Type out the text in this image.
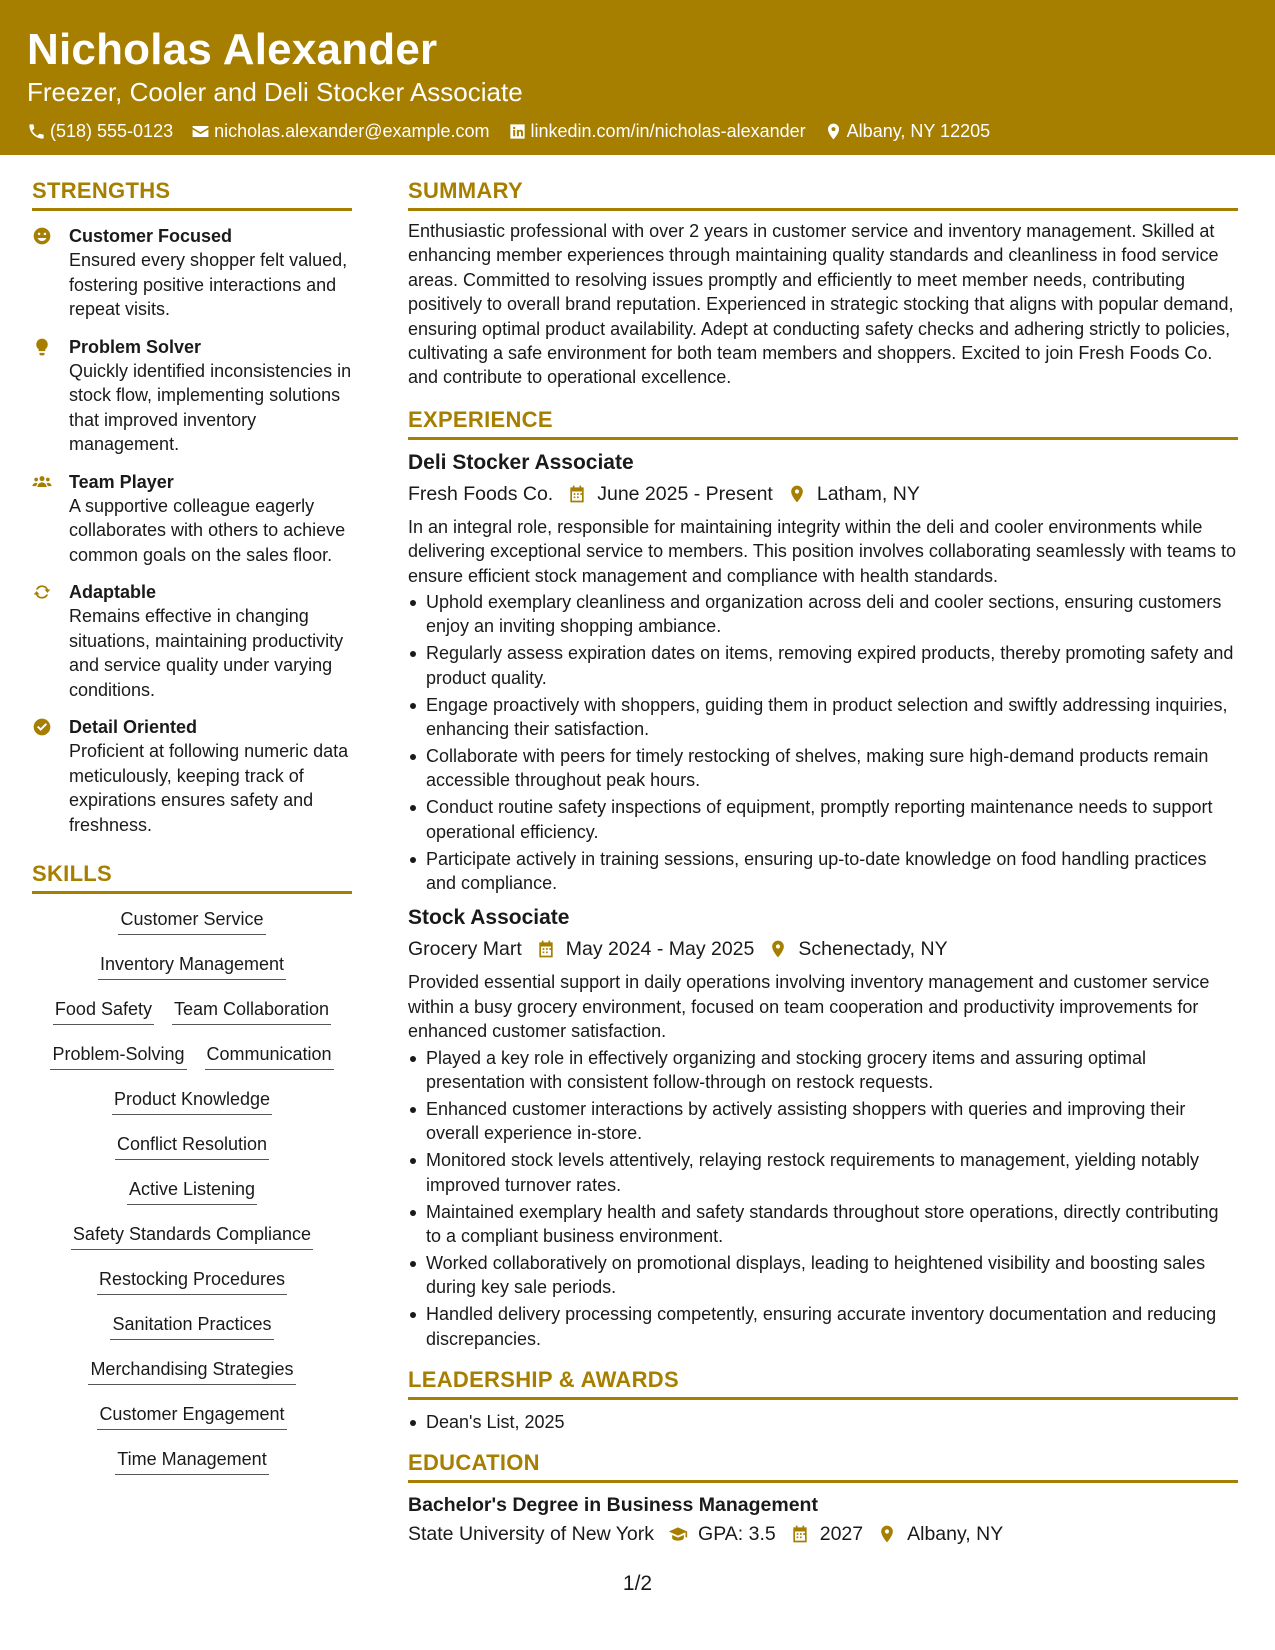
Nicholas Alexander
Freezer, Cooler and Deli Stocker Associate
(518) 555-0123 nicholas.alexander@example.com linkedin.com/in/nicholas-alexander Albany, NY 12205
STRENGTHS
Customer Focused
Ensured every shopper felt valued, fostering positive interactions and repeat visits.
Problem Solver
Quickly identified inconsistencies in stock flow, implementing solutions that improved inventory management.
Team Player
A supportive colleague eagerly collaborates with others to achieve common goals on the sales floor.
Adaptable
Remains effective in changing situations, maintaining productivity and service quality under varying conditions.
Detail Oriented
Proficient at following numeric data meticulously, keeping track of expirations ensures safety and freshness.
SKILLS
Customer Service
Inventory Management
Food Safety Team Collaboration
Problem-Solving Communication
Product Knowledge
Conflict Resolution
Active Listening
Safety Standards Compliance
Restocking Procedures
Sanitation Practices
Merchandising Strategies
Customer Engagement
Time Management
SUMMARY
Enthusiastic professional with over 2 years in customer service and inventory management. Skilled at enhancing member experiences through maintaining quality standards and cleanliness in food service areas. Committed to resolving issues promptly and efficiently to meet member needs, contributing positively to overall brand reputation. Experienced in strategic stocking that aligns with popular demand, ensuring optimal product availability. Adept at conducting safety checks and adhering strictly to policies, cultivating a safe environment for both team members and shoppers. Excited to join Fresh Foods Co. and contribute to operational excellence.
EXPERIENCE
Deli Stocker Associate
Fresh Foods Co. June 2025 - Present Latham, NY
In an integral role, responsible for maintaining integrity within the deli and cooler environments while delivering exceptional service to members. This position involves collaborating seamlessly with teams to ensure efficient stock management and compliance with health standards.
Uphold exemplary cleanliness and organization across deli and cooler sections, ensuring customers enjoy an inviting shopping ambiance.
Regularly assess expiration dates on items, removing expired products, thereby promoting safety and product quality.
Engage proactively with shoppers, guiding them in product selection and swiftly addressing inquiries, enhancing their satisfaction.
Collaborate with peers for timely restocking of shelves, making sure high-demand products remain accessible throughout peak hours.
Conduct routine safety inspections of equipment, promptly reporting maintenance needs to support operational efficiency.
Participate actively in training sessions, ensuring up-to-date knowledge on food handling practices and compliance.
Stock Associate
Grocery Mart May 2024 - May 2025 Schenectady, NY
Provided essential support in daily operations involving inventory management and customer service within a busy grocery environment, focused on team cooperation and productivity improvements for enhanced customer satisfaction.
Played a key role in effectively organizing and stocking grocery items and assuring optimal presentation with consistent follow-through on restock requests.
Enhanced customer interactions by actively assisting shoppers with queries and improving their overall experience in-store.
Monitored stock levels attentively, relaying restock requirements to management, yielding notably improved turnover rates.
Maintained exemplary health and safety standards throughout store operations, directly contributing to a compliant business environment.
Worked collaboratively on promotional displays, leading to heightened visibility and boosting sales during key sale periods.
Handled delivery processing competently, ensuring accurate inventory documentation and reducing discrepancies.
LEADERSHIP & AWARDS
Dean's List, 2025
EDUCATION
Bachelor's Degree in Business Management
State University of New York GPA: 3.5 2027 Albany, NY
1/2
